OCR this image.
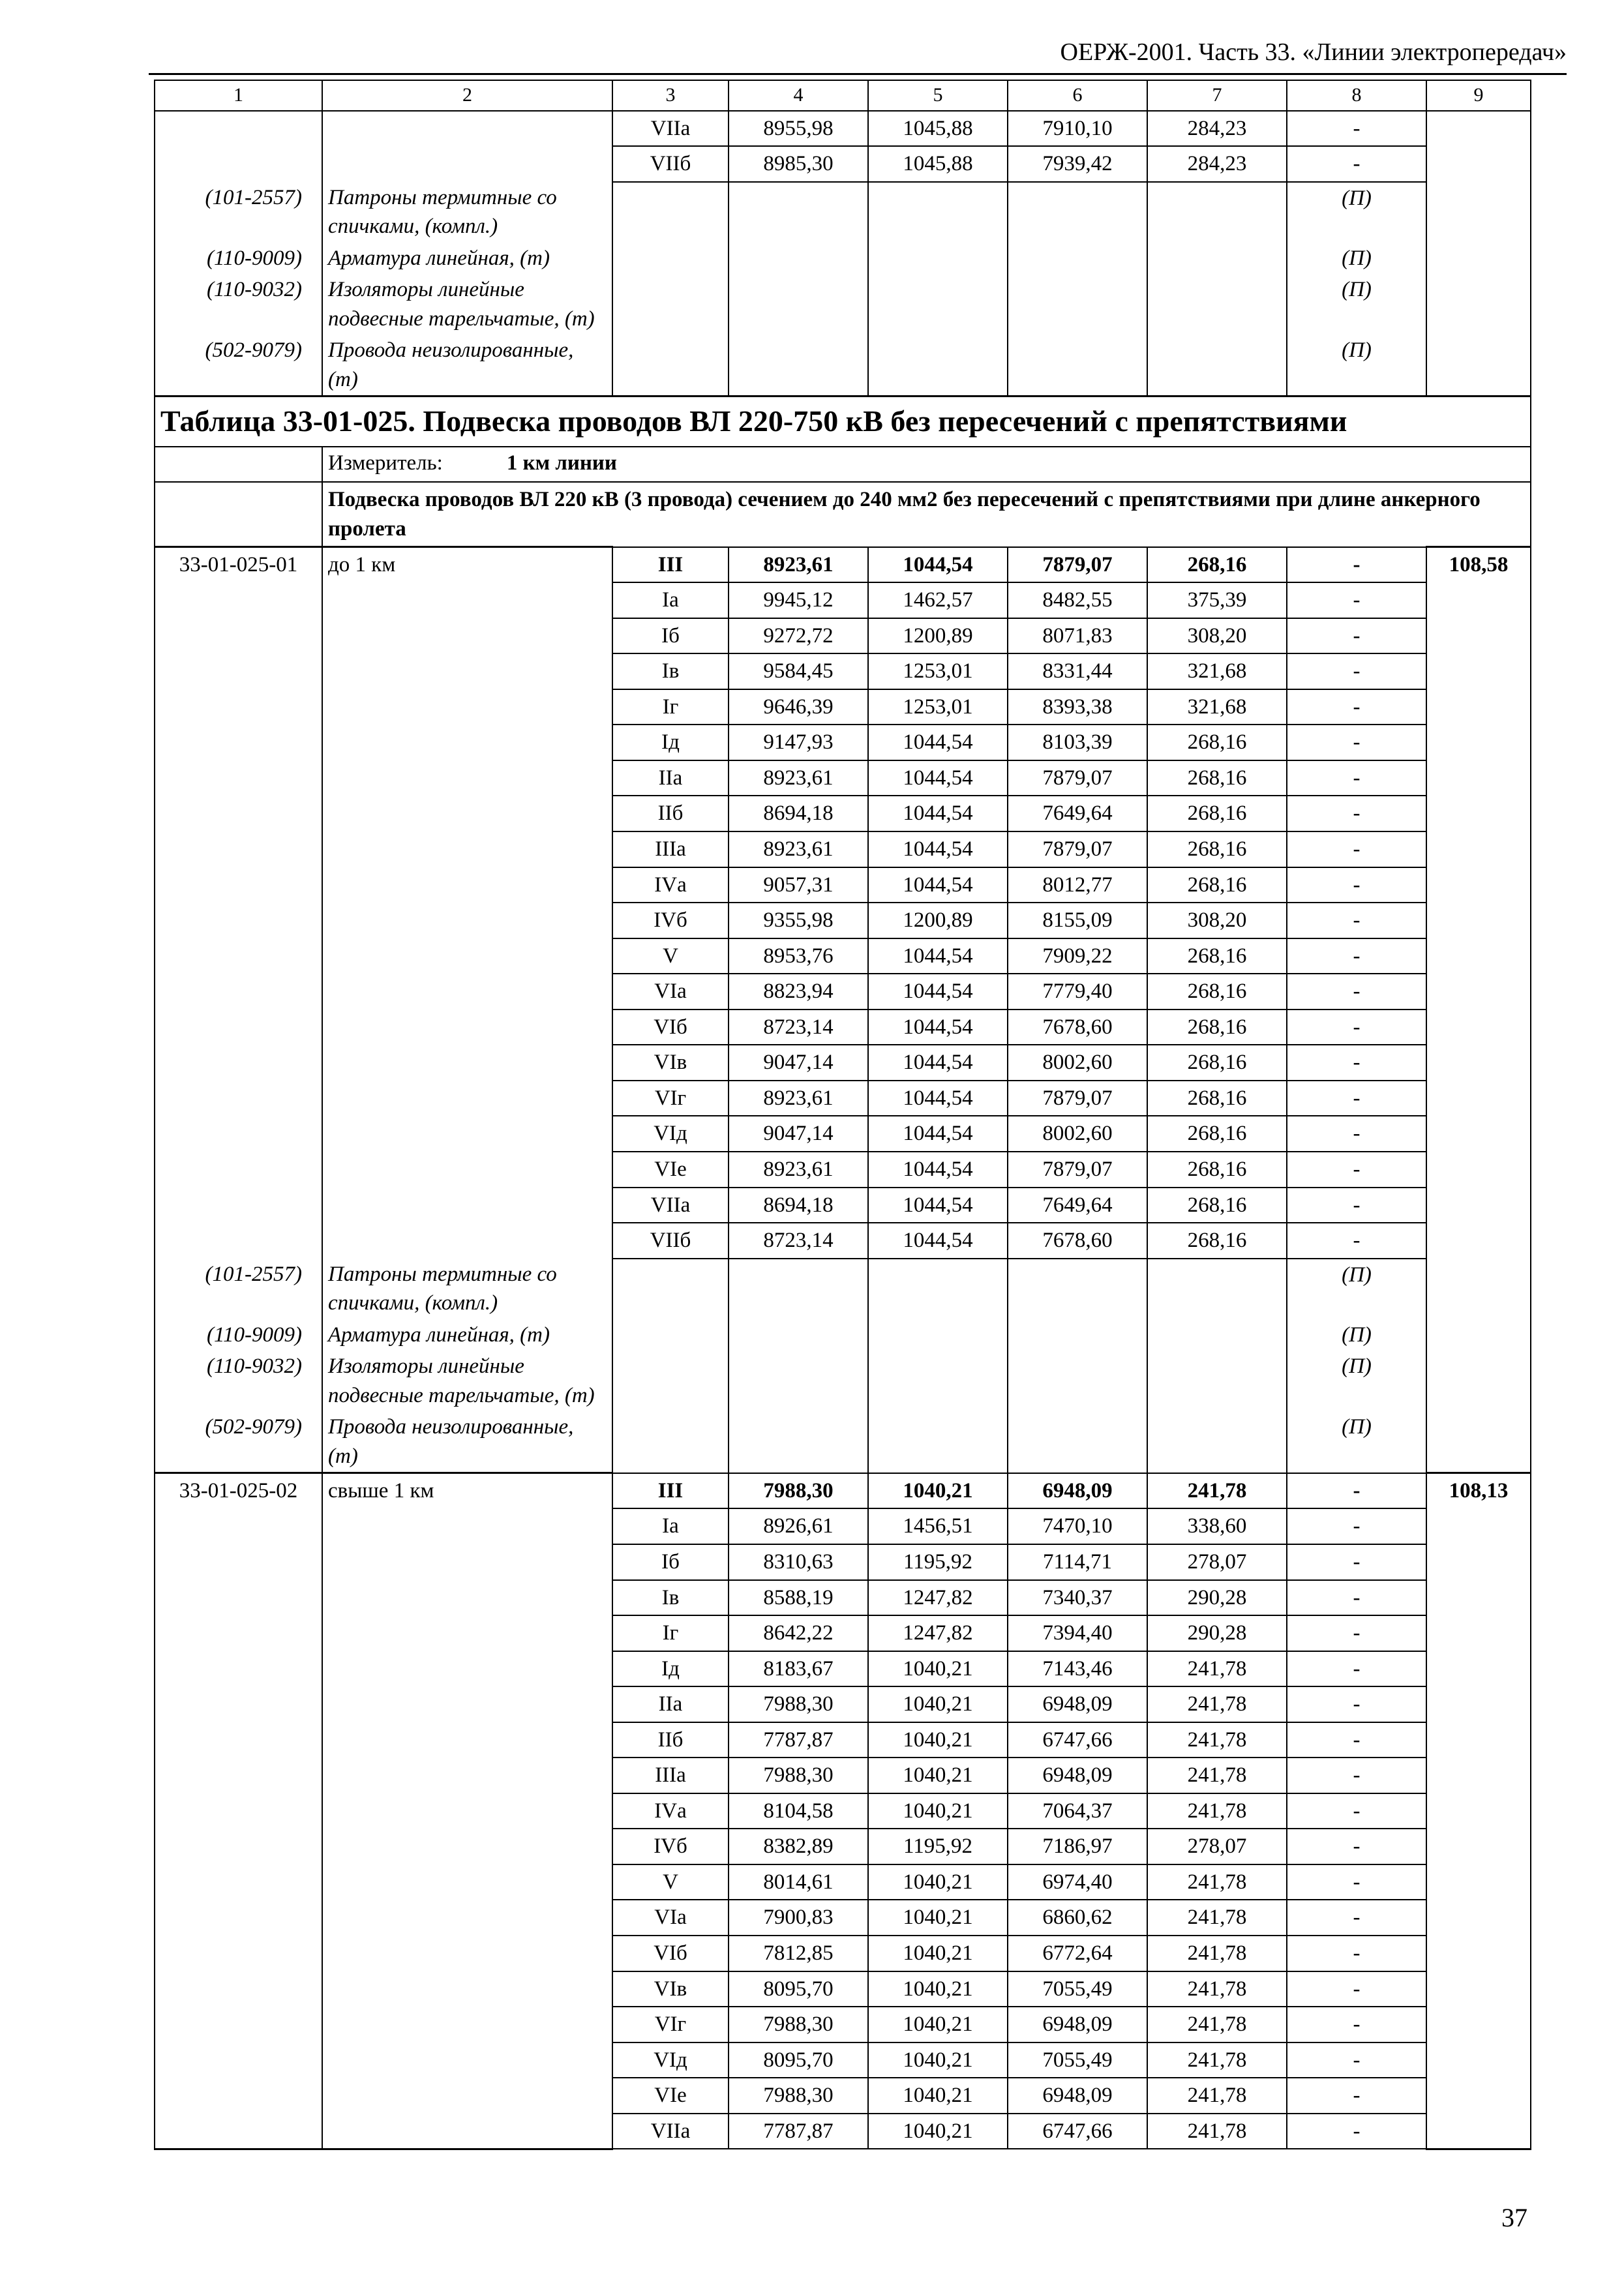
ОЕРЖ-2001. Часть 33. «Линии электропередач»
1	2	3	4	5	6	7	8	9
		VIIа	8955,98	1045,88	7910,10	284,23	-	
		VIIб	8985,30	1045,88	7939,42	284,23	-	
(101-2557)	Патроны термитные со спичками, (компл.)						(П)	
(110-9009)	Арматура линейная, (т)						(П)	
(110-9032)	Изоляторы линейные подвесные тарельчатые, (т)						(П)	
(502-9079)	Провода неизолированные, (т)						(П)	
Таблица 33-01-025. Подвеска проводов ВЛ 220-750 кВ без пересечений с препятствиями								
	Измеритель: 1 км линии							
	Подвеска проводов ВЛ 220 кВ (3 провода) сечением до 240 мм2 без пересечений с препятствиями при длине анкерного пролета							
33-01-025-01	до 1 км	III	8923,61	1044,54	7879,07	268,16	-	108,58
		Iа	9945,12	1462,57	8482,55	375,39	-	
		Iб	9272,72	1200,89	8071,83	308,20	-	
		Iв	9584,45	1253,01	8331,44	321,68	-	
		Iг	9646,39	1253,01	8393,38	321,68	-	
		Iд	9147,93	1044,54	8103,39	268,16	-	
		IIа	8923,61	1044,54	7879,07	268,16	-	
		IIб	8694,18	1044,54	7649,64	268,16	-	
		IIIа	8923,61	1044,54	7879,07	268,16	-	
		IVа	9057,31	1044,54	8012,77	268,16	-	
		IVб	9355,98	1200,89	8155,09	308,20	-	
		V	8953,76	1044,54	7909,22	268,16	-	
		VIа	8823,94	1044,54	7779,40	268,16	-	
		VIб	8723,14	1044,54	7678,60	268,16	-	
		VIв	9047,14	1044,54	8002,60	268,16	-	
		VIг	8923,61	1044,54	7879,07	268,16	-	
		VIд	9047,14	1044,54	8002,60	268,16	-	
		VIе	8923,61	1044,54	7879,07	268,16	-	
		VIIа	8694,18	1044,54	7649,64	268,16	-	
		VIIб	8723,14	1044,54	7678,60	268,16	-	
(101-2557)	Патроны термитные со спичками, (компл.)						(П)	
(110-9009)	Арматура линейная, (т)						(П)	
(110-9032)	Изоляторы линейные подвесные тарельчатые, (т)						(П)	
(502-9079)	Провода неизолированные, (т)						(П)	
33-01-025-02	свыше 1 км	III	7988,30	1040,21	6948,09	241,78	-	108,13
		Iа	8926,61	1456,51	7470,10	338,60	-	
		Iб	8310,63	1195,92	7114,71	278,07	-	
		Iв	8588,19	1247,82	7340,37	290,28	-	
		Iг	8642,22	1247,82	7394,40	290,28	-	
		Iд	8183,67	1040,21	7143,46	241,78	-	
		IIа	7988,30	1040,21	6948,09	241,78	-	
		IIб	7787,87	1040,21	6747,66	241,78	-	
		IIIа	7988,30	1040,21	6948,09	241,78	-	
		IVа	8104,58	1040,21	7064,37	241,78	-	
		IVб	8382,89	1195,92	7186,97	278,07	-	
		V	8014,61	1040,21	6974,40	241,78	-	
		VIа	7900,83	1040,21	6860,62	241,78	-	
		VIб	7812,85	1040,21	6772,64	241,78	-	
		VIв	8095,70	1040,21	7055,49	241,78	-	
		VIг	7988,30	1040,21	6948,09	241,78	-	
		VIд	8095,70	1040,21	7055,49	241,78	-	
		VIе	7988,30	1040,21	6948,09	241,78	-	
		VIIа	7787,87	1040,21	6747,66	241,78	-	
37
